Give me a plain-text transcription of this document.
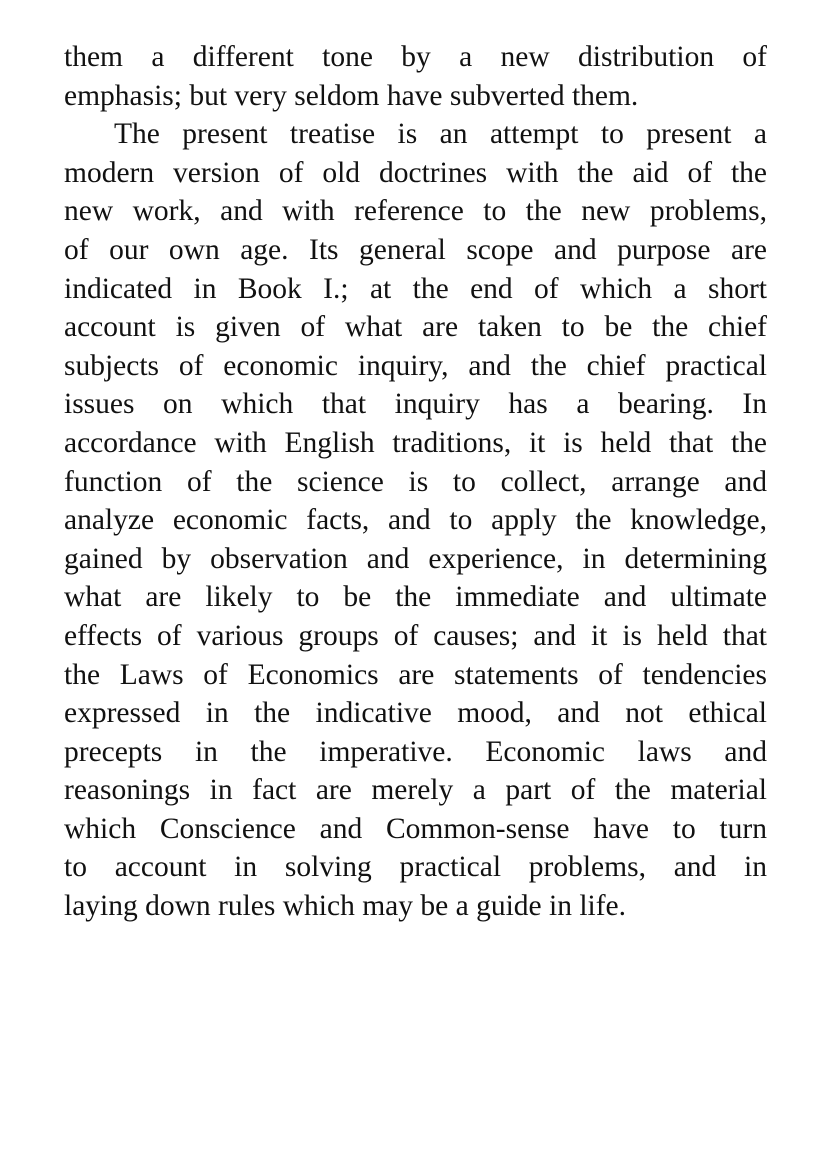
them a different tone by a new distribution of
emphasis; but very seldom have subverted them.
The present treatise is an attempt to present a
modern version of old doctrines with the aid of the
new work, and with reference to the new problems,
of our own age. Its general scope and purpose are
indicated in Book I.; at the end of which a short
account is given of what are taken to be the chief
subjects of economic inquiry, and the chief practical
issues on which that inquiry has a bearing. In
accordance with English traditions, it is held that the
function of the science is to collect, arrange and
analyze economic facts, and to apply the knowledge,
gained by observation and experience, in determining
what are likely to be the immediate and ultimate
effects of various groups of causes; and it is held that
the Laws of Economics are statements of tendencies
expressed in the indicative mood, and not ethical
precepts in the imperative. Economic laws and
reasonings in fact are merely a part of the material
which Conscience and Common-sense have to turn
to account in solving practical problems, and in
laying down rules which may be a guide in life.
